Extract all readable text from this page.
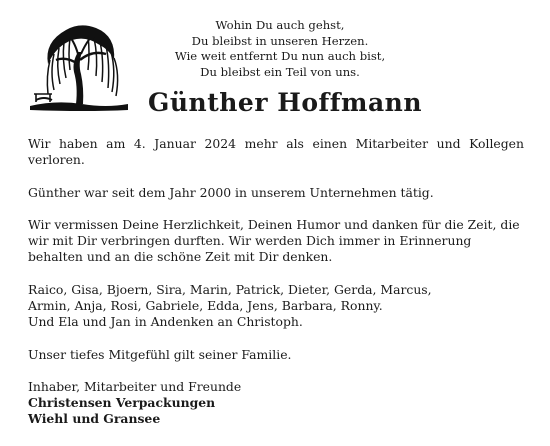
Wohin Du auch gehst,
Du bleibst in unseren Herzen.
Wie weit entfernt Du nun auch bist,
Du bleibst ein Teil von uns.
Günther Hoffmann

Wir haben am 4. Januar 2024 mehr als einen Mitarbeiter und Kollegen verloren.

Günther war seit dem Jahr 2000 in unserem Unternehmen tätig.

Wir vermissen Deine Herzlichkeit, Deinen Humor und danken für die Zeit, die wir mit Dir verbringen durften. Wir werden Dich immer in Erinnerung behalten und an die schöne Zeit mit Dir denken.

Raico, Gisa, Bjoern, Sira, Marin, Patrick, Dieter, Gerda, Marcus,
Armin, Anja, Rosi, Gabriele, Edda, Jens, Barbara, Ronny.
Und Ela und Jan in Andenken an Christoph.

Unser tiefes Mitgefühl gilt seiner Familie.

Inhaber, Mitarbeiter und Freunde
Christensen Verpackungen
Wiehl und Gransee
